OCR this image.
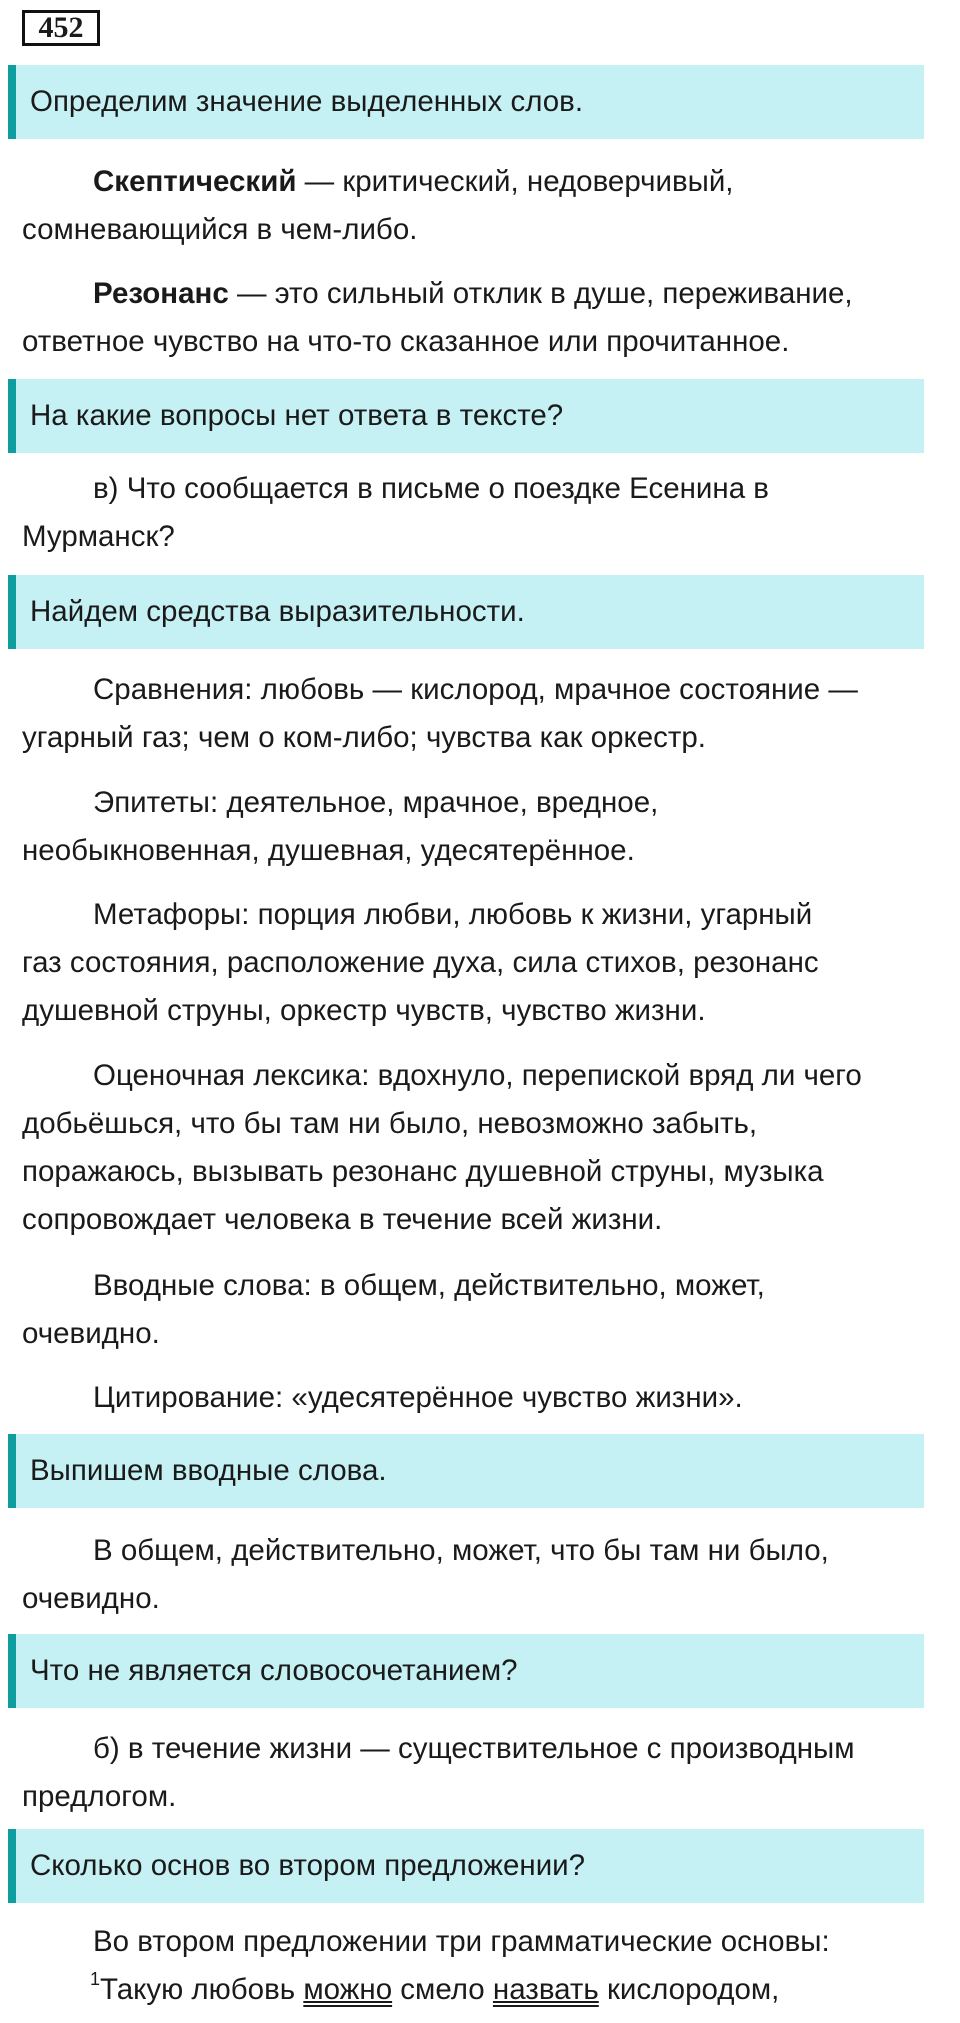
452
Определим значение выделенных слов.
Скептический — критический, недоверчивый,
сомневающийся в чем-либо.
Резонанс — это сильный отклик в душе, переживание,
ответное чувство на что-то сказанное или прочитанное.
На какие вопросы нет ответа в тексте?
в) Что сообщается в письме о поездке Есенина в
Мурманск?
Найдем средства выразительности.
Сравнения: любовь — кислород, мрачное состояние —
угарный газ; чем о ком-либо; чувства как оркестр.
Эпитеты: деятельное, мрачное, вредное,
необыкновенная, душевная, удесятерённое.
Метафоры: порция любви, любовь к жизни, угарный
газ состояния, расположение духа, сила стихов, резонанс
душевной струны, оркестр чувств, чувство жизни.
Оценочная лексика: вдохнуло, перепиской вряд ли чего
добьёшься, что бы там ни было, невозможно забыть,
поражаюсь, вызывать резонанс душевной струны, музыка
сопровождает человека в течение всей жизни.
Вводные слова: в общем, действительно, может,
очевидно.
Цитирование: «удесятерённое чувство жизни».
Выпишем вводные слова.
В общем, действительно, может, что бы там ни было,
очевидно.
Что не является словосочетанием?
б) в течение жизни — существительное с производным
предлогом.
Сколько основ во втором предложении?
Во втором предложении три грамматические основы:
$^1$Такую любовь можно смело назвать кислородом,
